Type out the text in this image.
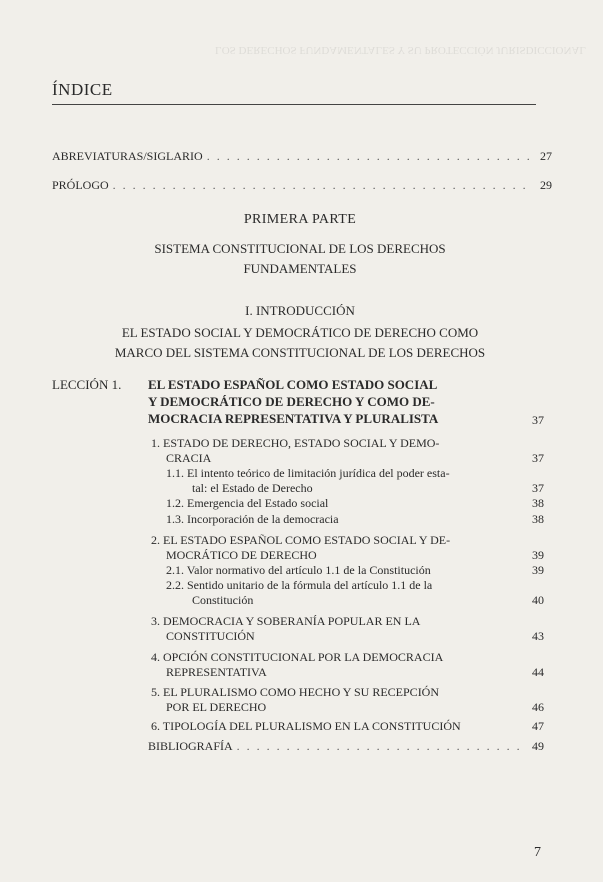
LOS DERECHOS FUNDAMENTALES Y SU PROTECCIÓN JURISDICCIONAL
ÍNDICE
ABREVIATURAS/SIGLARIO . . .	27
PRÓLOGO . . .	29
PRIMERA PARTE
SISTEMA CONSTITUCIONAL DE LOS DERECHOS
FUNDAMENTALES
I. INTRODUCCIÓN
EL ESTADO SOCIAL Y DEMOCRÁTICO DE DERECHO COMO
MARCO DEL SISTEMA CONSTITUCIONAL DE LOS DERECHOS
LECCIÓN 1. EL ESTADO ESPAÑOL COMO ESTADO SOCIAL
Y DEMOCRÁTICO DE DERECHO Y COMO DE-
MOCRACIA REPRESENTATIVA Y PLURALISTA	37
1. ESTADO DE DERECHO, ESTADO SOCIAL Y DEMO-
CRACIA	37
1.1. El intento teórico de limitación jurídica del poder esta-
tal: el Estado de Derecho	37
1.2. Emergencia del Estado social	38
1.3. Incorporación de la democracia	38
2. EL ESTADO ESPAÑOL COMO ESTADO SOCIAL Y DE-
MOCRÁTICO DE DERECHO	39
2.1. Valor normativo del artículo 1.1 de la Constitución	39
2.2. Sentido unitario de la fórmula del artículo 1.1 de la
Constitución	40
3. DEMOCRACIA Y SOBERANÍA POPULAR EN LA
CONSTITUCIÓN	43
4. OPCIÓN CONSTITUCIONAL POR LA DEMOCRACIA
REPRESENTATIVA	44
5. EL PLURALISMO COMO HECHO Y SU RECEPCIÓN
POR EL DERECHO	46
6. TIPOLOGÍA DEL PLURALISMO EN LA CONSTITUCIÓN	47
BIBLIOGRAFÍA . . .	49
7
